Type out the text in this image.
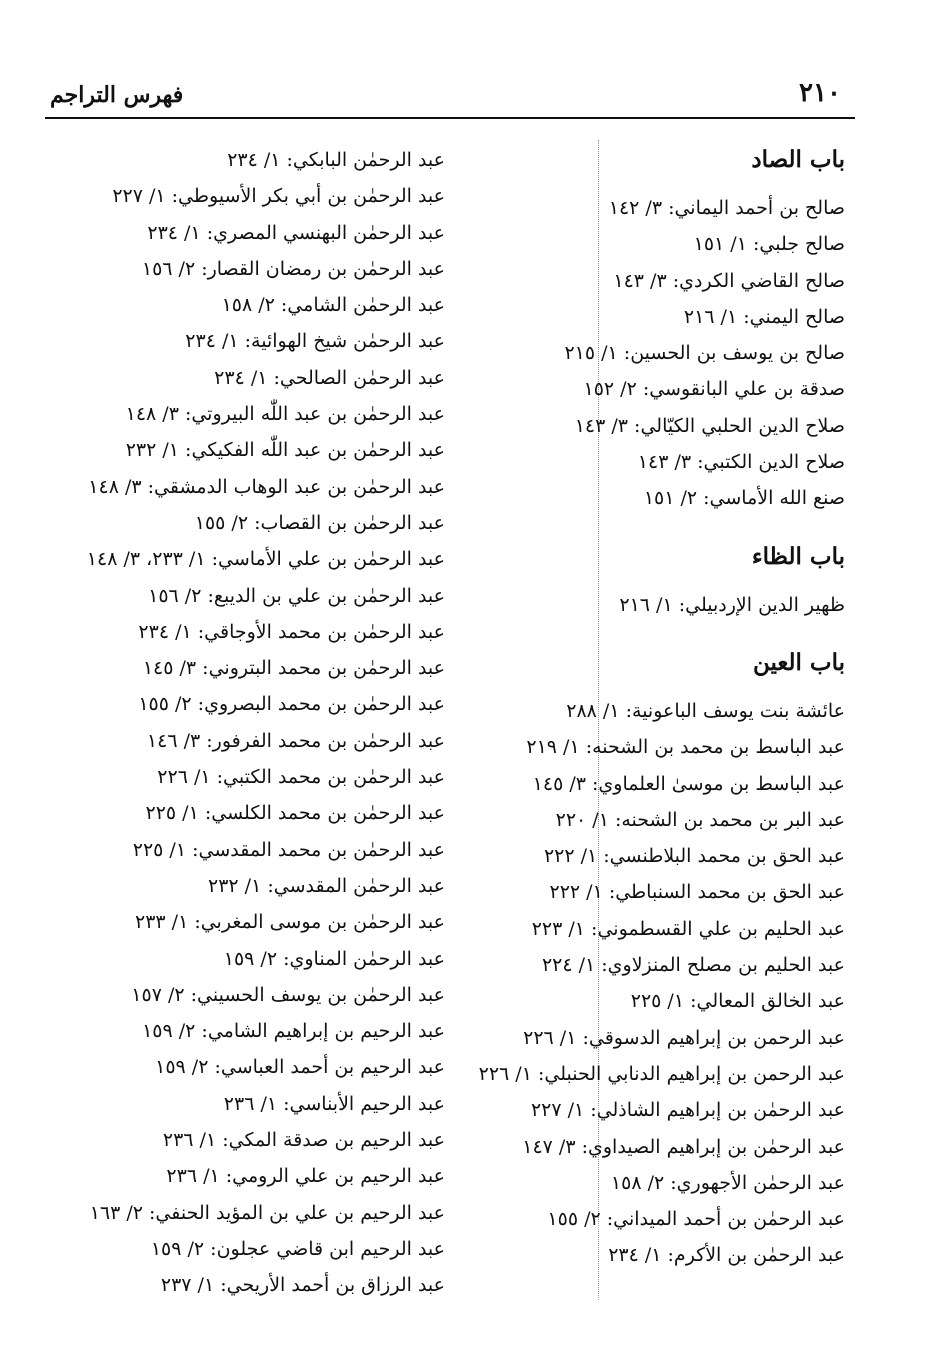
٢١٠
فهرس التراجم
باب الصاد
صالح بن أحمد اليماني: ٣/ ١٤٢
صالح جلبي: ١/ ١٥١
صالح القاضي الكردي: ٣/ ١٤٣
صالح اليمني: ١/ ٢١٦
صالح بن يوسف بن الحسين: ١/ ٢١٥
صدقة بن علي البانقوسي: ٢/ ١٥٢
صلاح الدين الحلبي الكيّالي: ٣/ ١٤٣
صلاح الدين الكتبي: ٣/ ١٤٣
صنع الله الأماسي: ٢/ ١٥١
باب الظاء
ظهير الدين الإردبيلي: ١/ ٢١٦
باب العين
عائشة بنت يوسف الباعونية: ١/ ٢٨٨
عبد الباسط بن محمد بن الشحنه: ١/ ٢١٩
عبد الباسط بن موسىٰ العلماوي: ٣/ ١٤٥
عبد البر بن محمد بن الشحنه: ١/ ٢٢٠
عبد الحق بن محمد البلاطنسي: ١/ ٢٢٢
عبد الحق بن محمد السنباطي: ١/ ٢٢٢
عبد الحليم بن علي القسطموني: ١/ ٢٢٣
عبد الحليم بن مصلح المنزلاوي: ١/ ٢٢٤
عبد الخالق المعالي: ١/ ٢٢٥
عبد الرحمن بن إبراهيم الدسوقي: ١/ ٢٢٦
عبد الرحمن بن إبراهيم الدنابي الحنبلي: ١/ ٢٢٦
عبد الرحمٰن بن إبراهيم الشاذلي: ١/ ٢٢٧
عبد الرحمٰن بن إبراهيم الصيداوي: ٣/ ١٤٧
عبد الرحمٰن الأجهوري: ٢/ ١٥٨
عبد الرحمٰن بن أحمد الميداني: ٢/ ١٥٥
عبد الرحمٰن بن الأكرم: ١/ ٢٣٤
عبد الرحمٰن البابكي: ١/ ٢٣٤
عبد الرحمٰن بن أبي بكر الأسيوطي: ١/ ٢٢٧
عبد الرحمٰن البهنسي المصري: ١/ ٢٣٤
عبد الرحمٰن بن رمضان القصار: ٢/ ١٥٦
عبد الرحمٰن الشامي: ٢/ ١٥٨
عبد الرحمٰن شيخ الهوائية: ١/ ٢٣٤
عبد الرحمٰن الصالحي: ١/ ٢٣٤
عبد الرحمٰن بن عبد اللّٰه البيروتي: ٣/ ١٤٨
عبد الرحمٰن بن عبد اللّٰه الفكيكي: ١/ ٢٣٢
عبد الرحمٰن بن عبد الوهاب الدمشقي: ٣/ ١٤٨
عبد الرحمٰن بن القصاب: ٢/ ١٥٥
عبد الرحمٰن بن علي الأماسي: ١/ ٢٣٣، ٣/ ١٤٨
عبد الرحمٰن بن علي بن الديبع: ٢/ ١٥٦
عبد الرحمٰن بن محمد الأوجاقي: ١/ ٢٣٤
عبد الرحمٰن بن محمد البتروني: ٣/ ١٤٥
عبد الرحمٰن بن محمد البصروي: ٢/ ١٥٥
عبد الرحمٰن بن محمد الفرفور: ٣/ ١٤٦
عبد الرحمٰن بن محمد الكتبي: ١/ ٢٢٦
عبد الرحمٰن بن محمد الكلسي: ١/ ٢٢٥
عبد الرحمٰن بن محمد المقدسي: ١/ ٢٢٥
عبد الرحمٰن المقدسي: ١/ ٢٣٢
عبد الرحمٰن بن موسى المغربي: ١/ ٢٣٣
عبد الرحمٰن المناوي: ٢/ ١٥٩
عبد الرحمٰن بن يوسف الحسيني: ٢/ ١٥٧
عبد الرحيم بن إبراهيم الشامي: ٢/ ١٥٩
عبد الرحيم بن أحمد العباسي: ٢/ ١٥٩
عبد الرحيم الأبناسي: ١/ ٢٣٦
عبد الرحيم بن صدقة المكي: ١/ ٢٣٦
عبد الرحيم بن علي الرومي: ١/ ٢٣٦
عبد الرحيم بن علي بن المؤيد الحنفي: ٢/ ١٦٣
عبد الرحيم ابن قاضي عجلون: ٢/ ١٥٩
عبد الرزاق بن أحمد الأريحي: ١/ ٢٣٧
